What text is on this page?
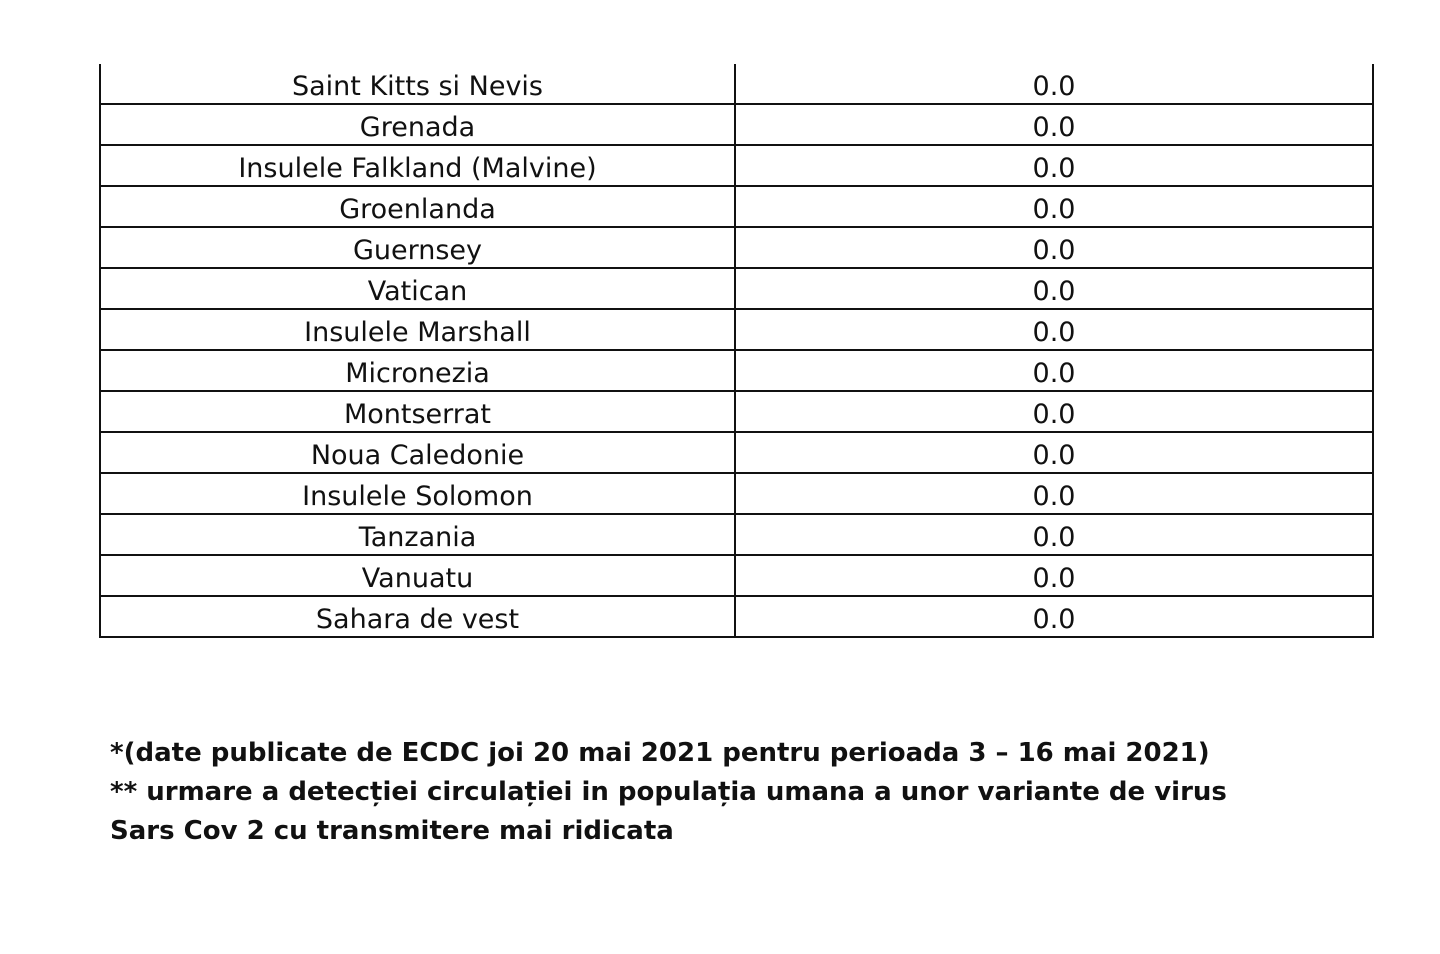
Saint Kitts si Nevis	0.0
Grenada	0.0
Insulele Falkland (Malvine)	0.0
Groenlanda	0.0
Guernsey	0.0
Vatican	0.0
Insulele Marshall	0.0
Micronezia	0.0
Montserrat	0.0
Noua Caledonie	0.0
Insulele Solomon	0.0
Tanzania	0.0
Vanuatu	0.0
Sahara de vest	0.0

*(date publicate de ECDC joi 20 mai 2021 pentru perioada 3 – 16 mai 2021)

** urmare a detecției circulației in populația umana a unor variante de virus

Sars Cov 2 cu transmitere mai ridicata
